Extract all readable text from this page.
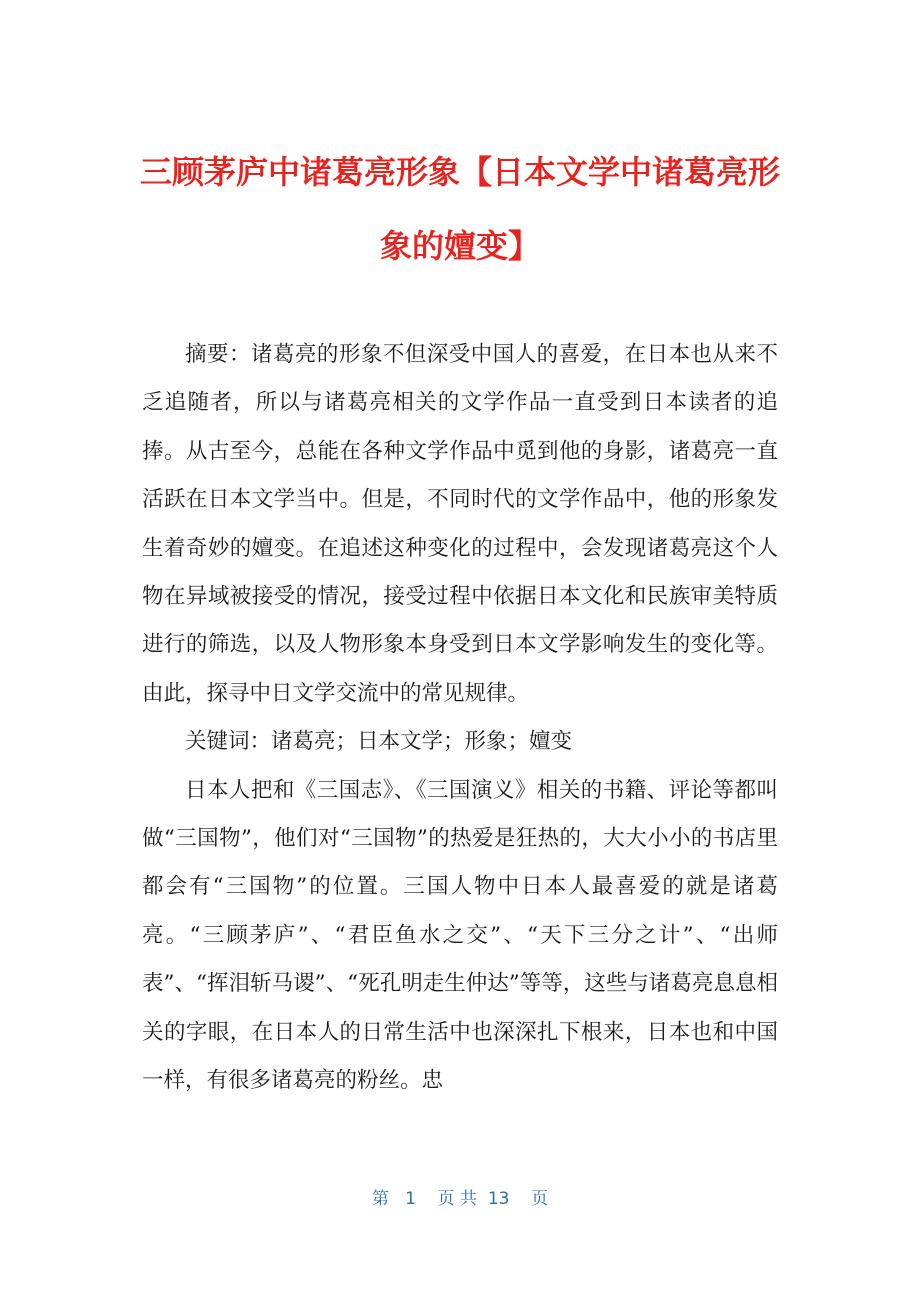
三顾茅庐中诸葛亮形象【日本文学中诸葛亮形象的嬗变】

摘要：诸葛亮的形象不但深受中国人的喜爱，在日本也从来不乏追随者，所以与诸葛亮相关的文学作品一直受到日本读者的追捧。从古至今，总能在各种文学作品中觅到他的身影，诸葛亮一直活跃在日本文学当中。但是，不同时代的文学作品中，他的形象发生着奇妙的嬗变。在追述这种变化的过程中，会发现诸葛亮这个人物在异域被接受的情况，接受过程中依据日本文化和民族审美特质进行的筛选，以及人物形象本身受到日本文学影响发生的变化等。由此，探寻中日文学交流中的常见规律。

关键词：诸葛亮；日本文学；形象；嬗变

日本人把和《三国志》、《三国演义》相关的书籍、评论等都叫做“三国物”，他们对“三国物”的热爱是狂热的，大大小小的书店里都会有“三国物”的位置。三国人物中日本人最喜爱的就是诸葛亮。“三顾茅庐”、“君臣鱼水之交”、“天下三分之计”、“出师表”、“挥泪斩马谡”、“死孔明走生仲达”等等，这些与诸葛亮息息相关的字眼，在日本人的日常生活中也深深扎下根来，日本也和中国一样，有很多诸葛亮的粉丝。忠

第 1 页 共 13 页
